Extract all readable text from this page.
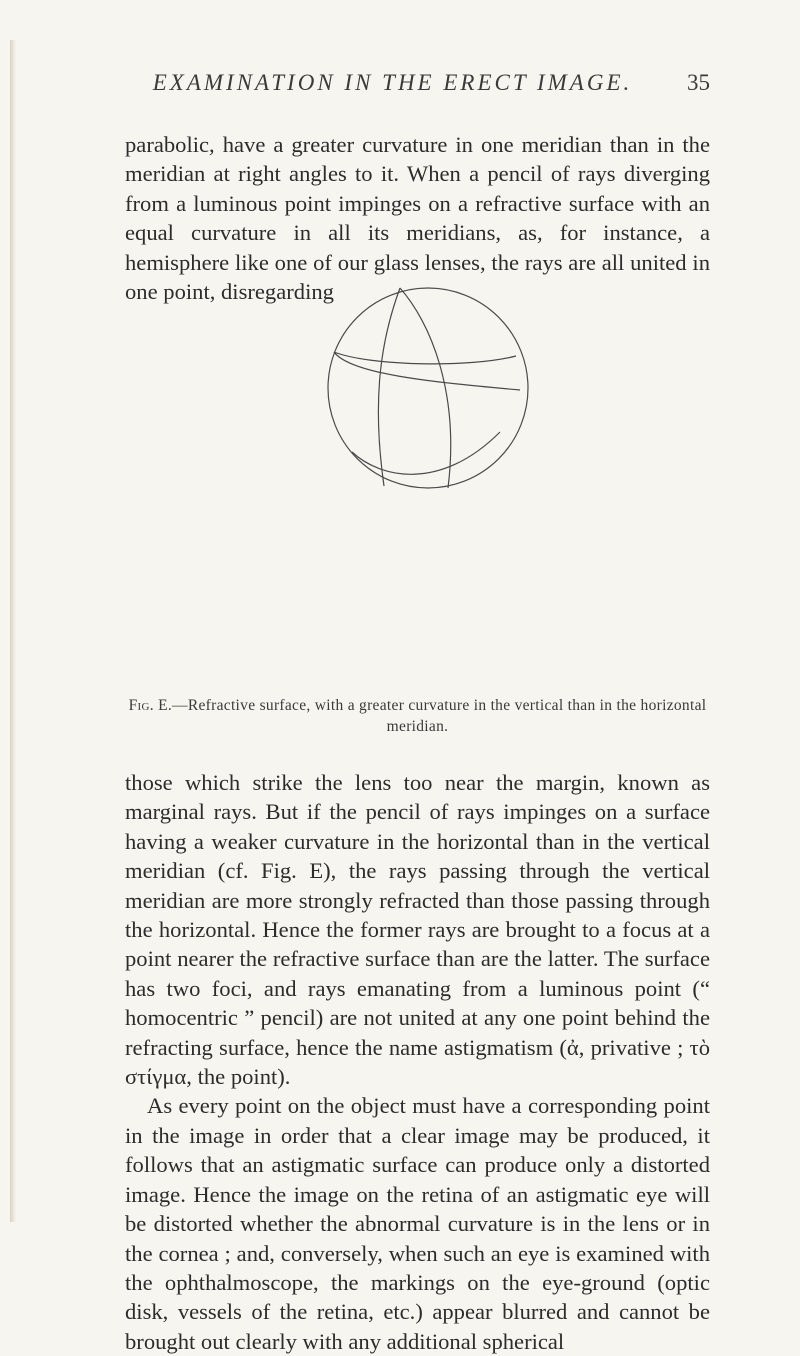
EXAMINATION IN THE ERECT IMAGE.	35

parabolic, have a greater curvature in one meridian than in the meridian at right angles to it. When a pencil of rays diverging from a luminous point impinges on a refractive surface with an equal curvature in all its meridians, as, for instance, a hemisphere like one of our glass lenses, the rays are all united in one point, disregarding

Fig. E.—Refractive surface, with a greater curvature in the vertical than in the horizontal meridian.

those which strike the lens too near the margin, known as marginal rays. But if the pencil of rays impinges on a surface having a weaker curvature in the horizontal than in the vertical meridian (cf. Fig. E), the rays passing through the vertical meridian are more strongly refracted than those passing through the horizontal. Hence the former rays are brought to a focus at a point nearer the refractive surface than are the latter. The surface has two foci, and rays emanating from a luminous point (“ homocentric ” pencil) are not united at any one point behind the refracting surface, hence the name astigmatism (ἀ, privative ; τὸ στίγμα, the point).

As every point on the object must have a corresponding point in the image in order that a clear image may be produced, it follows that an astigmatic surface can produce only a distorted image. Hence the image on the retina of an astigmatic eye will be distorted whether the abnormal curvature is in the lens or in the cornea ; and, conversely, when such an eye is examined with the ophthalmoscope, the markings on the eye-ground (optic disk, vessels of the retina, etc.) appear blurred and cannot be brought out clearly with any additional spherical
